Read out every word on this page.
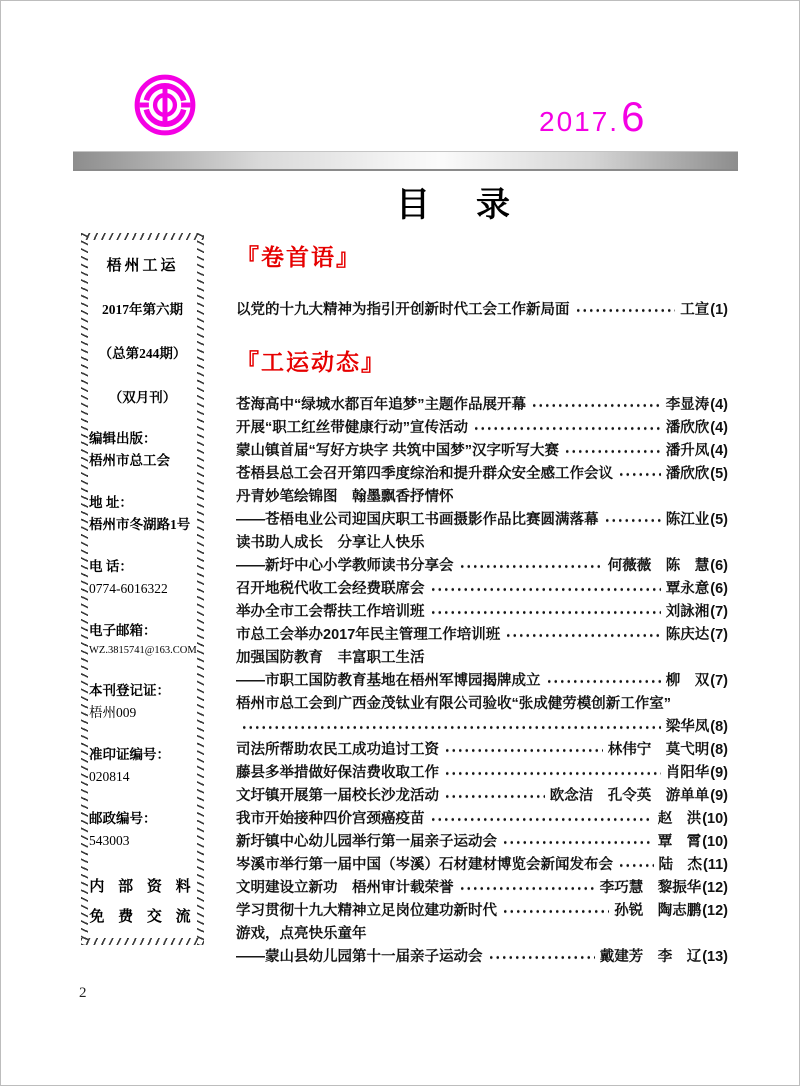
2017. 6
目　录
梧州工运
2017年第六期
（总第244期）
（双月刊）
编辑出版：
梧州市总工会
地 址：
梧州市冬湖路1号
电 话：
0774-6016322
电子邮箱：
WZ.3815741@163.COM
本刊登记证：
梧州009
准印证编号：
020814
邮政编号：
543003
内 部 资 料
免 费 交 流
『卷首语』
以党的十九大精神为指引开创新时代工会工作新局面	工宣 (1)
『工运动态』
苍海高中“绿城水都百年追梦”主题作品展开幕	李显涛 (4)
开展“职工红丝带健康行动”宣传活动	潘欣欣 (4)
蒙山镇首届“写好方块字 共筑中国梦”汉字听写大赛	潘升凤 (4)
苍梧县总工会召开第四季度综治和提升群众安全感工作会议	潘欣欣 (5)
丹青妙笔绘锦图　翰墨飘香抒情怀
——苍梧电业公司迎国庆职工书画摄影作品比赛圆满落幕	陈江业 (5)
读书助人成长　分享让人快乐
——新圩中心小学教师读书分享会	何薇薇　陈　慧 (6)
召开地税代收工会经费联席会	覃永意 (6)
举办全市工会帮扶工作培训班	刘詠湘 (7)
市总工会举办2017年民主管理工作培训班	陈庆达 (7)
加强国防教育　丰富职工生活
——市职工国防教育基地在梧州军博园揭牌成立	柳　双 (7)
梧州市总工会到广西金茂钛业有限公司验收“张成健劳模创新工作室”
梁华凤 (8)
司法所帮助农民工成功追讨工资	林伟宁　莫弋明 (8)
藤县多举措做好保洁费收取工作	肖阳华 (9)
文圩镇开展第一届校长沙龙活动	欧念洁　孔令英　游单单 (9)
我市开始接种四价宫颈癌疫苗	赵　洪 (10)
新圩镇中心幼儿园举行第一届亲子运动会	覃　霄 (10)
岑溪市举行第一届中国（岑溪）石材建材博览会新闻发布会	陆　杰 (11)
文明建设立新功　梧州审计载荣誉	李巧慧　黎振华 (12)
学习贯彻十九大精神立足岗位建功新时代	孙锐　陶志鹏 (12)
游戏，点亮快乐童年
——蒙山县幼儿园第十一届亲子运动会	戴建芳　李　辽 (13)
2
